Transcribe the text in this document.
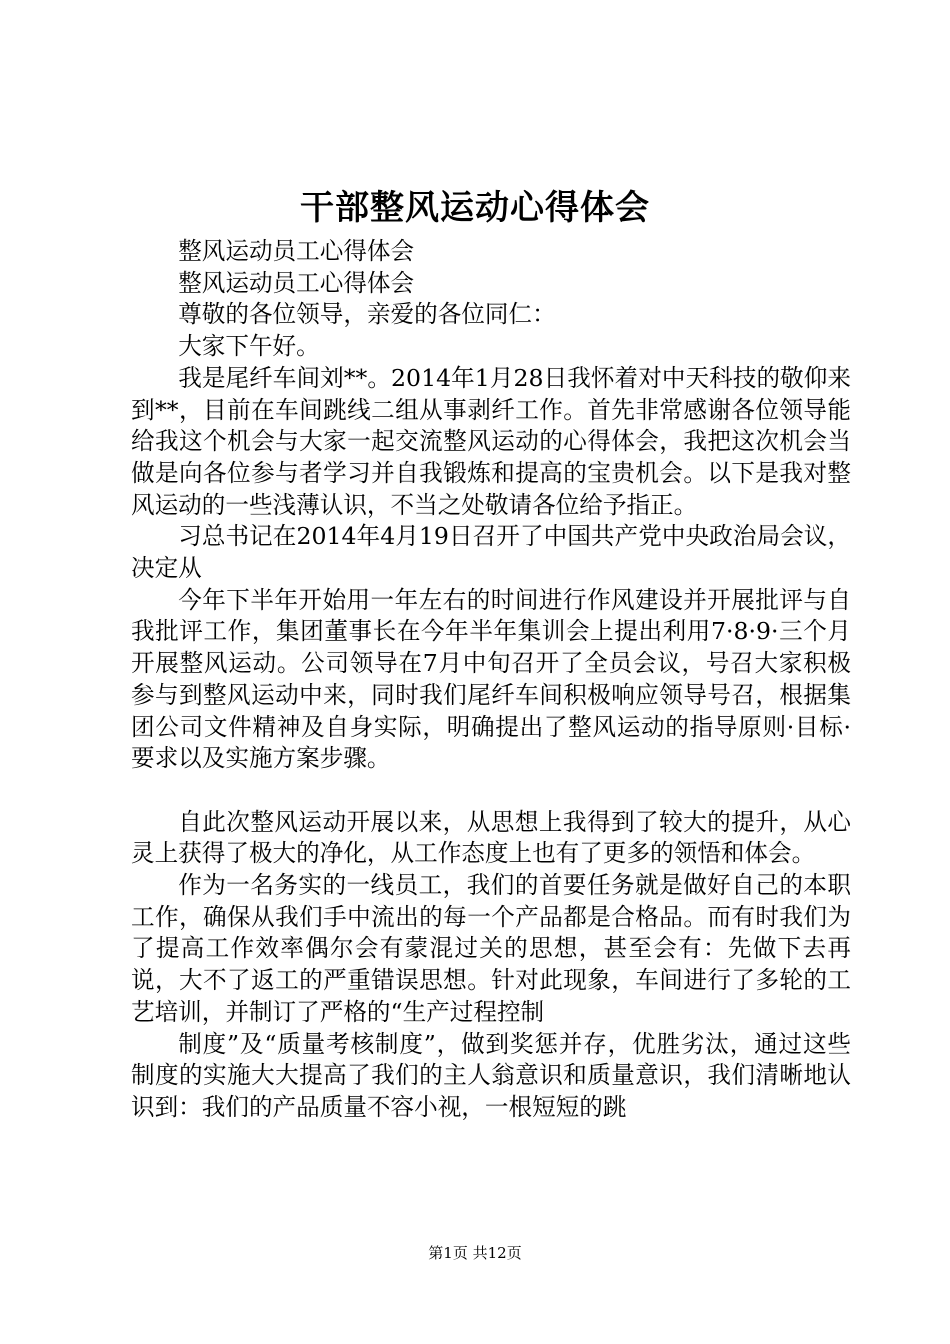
干部整风运动心得体会

整风运动员工心得体会

整风运动员工心得体会

尊敬的各位领导，亲爱的各位同仁：

大家下午好。

我是尾纤车间刘**。2014年1月28日我怀着对中天科技的敬仰来到**，目前在车间跳线二组从事剥纤工作。首先非常感谢各位领导能给我这个机会与大家一起交流整风运动的心得体会，我把这次机会当做是向各位参与者学习并自我锻炼和提高的宝贵机会。以下是我对整风运动的一些浅薄认识，不当之处敬请各位给予指正。

习总书记在2014年4月19日召开了中国共产党中央政治局会议，决定从

今年下半年开始用一年左右的时间进行作风建设并开展批评与自我批评工作，集团董事长在今年半年集训会上提出利用7·8·9·三个月开展整风运动。公司领导在7月中旬召开了全员会议，号召大家积极参与到整风运动中来，同时我们尾纤车间积极响应领导号召，根据集团公司文件精神及自身实际，明确提出了整风运动的指导原则·目标·要求以及实施方案步骤。

自此次整风运动开展以来，从思想上我得到了较大的提升，从心灵上获得了极大的净化，从工作态度上也有了更多的领悟和体会。

作为一名务实的一线员工，我们的首要任务就是做好自己的本职工作，确保从我们手中流出的每一个产品都是合格品。而有时我们为了提高工作效率偶尔会有蒙混过关的思想，甚至会有：先做下去再说，大不了返工的严重错误思想。针对此现象，车间进行了多轮的工艺培训，并制订了严格的“生产过程控制

制度”及“质量考核制度”，做到奖惩并存，优胜劣汰，通过这些制度的实施大大提高了我们的主人翁意识和质量意识，我们清晰地认识到：我们的产品质量不容小视，一根短短的跳

第1页 共12页
